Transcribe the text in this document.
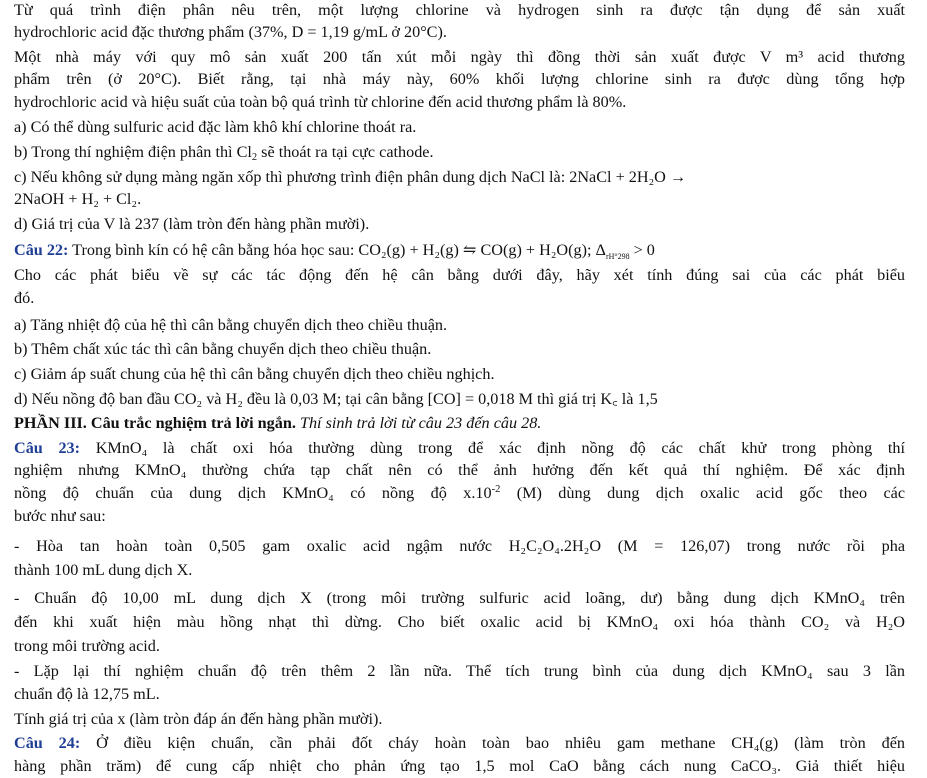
Từ quá trình điện phân nêu trên, một lượng chlorine và hydrogen sinh ra được tận dụng để sản xuất
hydrochloric acid đặc thương phẩm (37%, D = 1,19 g/mL ở 20°C).
Một nhà máy với quy mô sản xuất 200 tấn xút mỗi ngày thì đồng thời sản xuất được V m³ acid thương
phẩm trên (ở 20°C). Biết rằng, tại nhà máy này, 60% khối lượng chlorine sinh ra được dùng tổng hợp
hydrochloric acid và hiệu suất của toàn bộ quá trình từ chlorine đến acid thương phẩm là 80%.
a) Có thể dùng sulfuric acid đặc làm khô khí chlorine thoát ra.
b) Trong thí nghiệm điện phân thì $Cl_2$ sẽ thoát ra tại cực cathode.
c) Nếu không sử dụng màng ngăn xốp thì phương trình điện phân dung dịch NaCl là: 2NaCl + 2H₂O →
2NaOH + H₂ + Cl₂.
d) Giá trị của V là 237 (làm tròn đến hàng phần mười).
Câu 22: Trong bình kín có hệ cân bằng hóa học sau: CO₂(g) + H₂(g) ⇋ CO(g) + H₂O(g); $\Delta_{rH^\circ 298} > 0$
Cho các phát biểu về sự các tác động đến hệ cân bằng dưới đây, hãy xét tính đúng sai của các phát biểu
đó.
a) Tăng nhiệt độ của hệ thì cân bằng chuyển dịch theo chiều thuận.
b) Thêm chất xúc tác thì cân bằng chuyển dịch theo chiều thuận.
c) Giảm áp suất chung của hệ thì cân bằng chuyển dịch theo chiều nghịch.
d) Nếu nồng độ ban đầu CO₂ và H₂ đều là 0,03 M; tại cân bằng [CO] = 0,018 M thì giá trị K꜀ là 1,5
PHẦN III. Câu trắc nghiệm trả lời ngắn. Thí sinh trả lời từ câu 23 đến câu 28.
Câu 23: KMnO₄ là chất oxi hóa thường dùng trong để xác định nồng độ các chất khử trong phòng thí
nghiệm nhưng KMnO₄ thường chứa tạp chất nên có thể ảnh hưởng đến kết quả thí nghiệm. Để xác định
nồng độ chuẩn của dung dịch KMnO₄ có nồng độ $x.10^{-2}$ (M) dùng dung dịch oxalic acid gốc theo các
bước như sau:
- Hòa tan hoàn toàn 0,505 gam oxalic acid ngậm nước H₂C₂O₄.2H₂O (M = 126,07) trong nước rồi pha
thành 100 mL dung dịch X.
- Chuẩn độ 10,00 mL dung dịch X (trong môi trường sulfuric acid loãng, dư) bằng dung dịch KMnO₄ trên
đến khi xuất hiện màu hồng nhạt thì dừng. Cho biết oxalic acid bị KMnO₄ oxi hóa thành CO₂ và H₂O
trong môi trường acid.
- Lặp lại thí nghiệm chuẩn độ trên thêm 2 lần nữa. Thể tích trung bình của dung dịch KMnO₄ sau 3 lần
chuẩn độ là 12,75 mL.
Tính giá trị của x (làm tròn đáp án đến hàng phần mười).
Câu 24: Ở điều kiện chuẩn, cần phải đốt cháy hoàn toàn bao nhiêu gam methane CH₄(g) (làm tròn đến
hàng phần trăm) để cung cấp nhiệt cho phản ứng tạo 1,5 mol CaO bằng cách nung CaCO₃. Giả thiết hiệu
